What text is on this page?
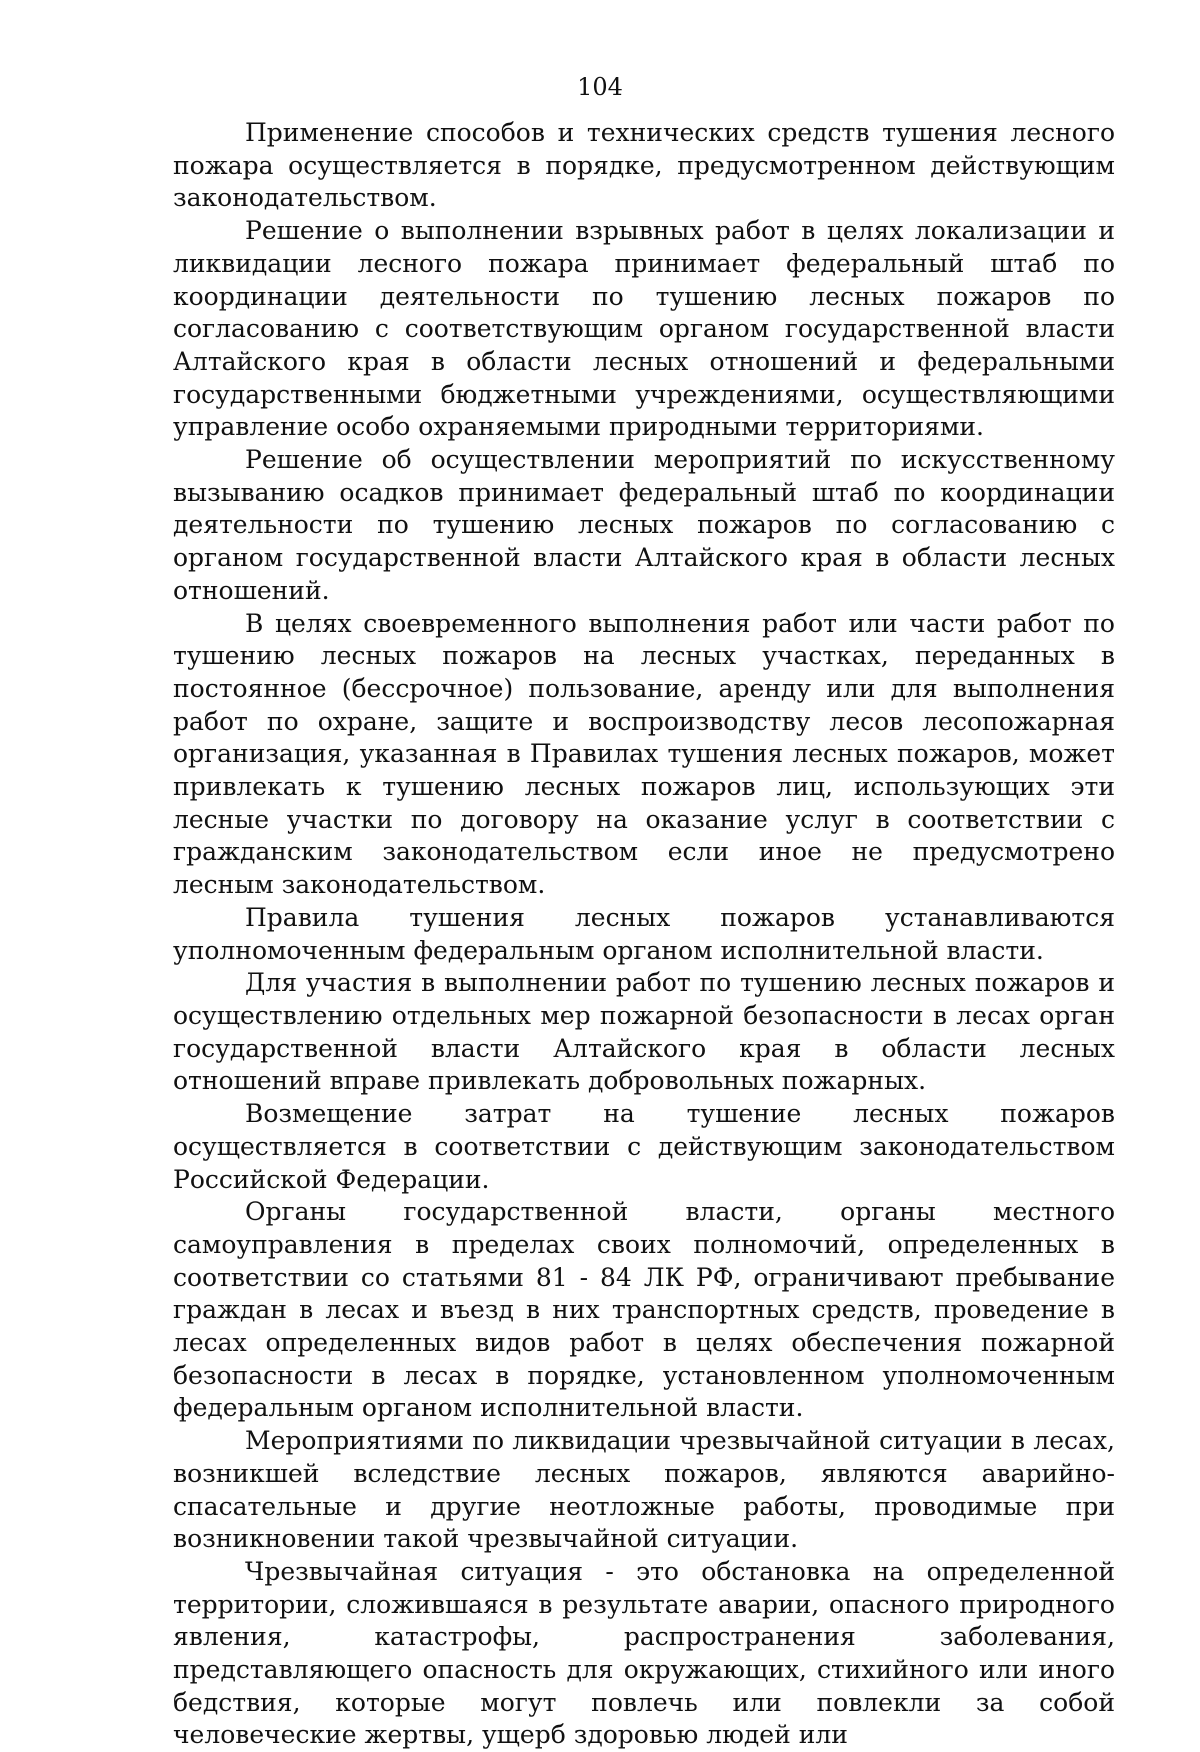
104

Применение способов и технических средств тушения лесного пожара осуществляется в порядке, предусмотренном действующим законодательством.

Решение о выполнении взрывных работ в целях локализации и ликвидации лесного пожара принимает федеральный штаб по координации деятельности по тушению лесных пожаров по согласованию с соответствующим органом государственной власти Алтайского края в области лесных отношений и федеральными государственными бюджетными учреждениями, осуществляющими управление особо охраняемыми природными территориями.

Решение об осуществлении мероприятий по искусственному вызыванию осадков принимает федеральный штаб по координации деятельности по тушению лесных пожаров по согласованию с органом государственной власти Алтайского края в области лесных отношений.

В целях своевременного выполнения работ или части работ по тушению лесных пожаров на лесных участках, переданных в постоянное (бессрочное) пользование, аренду или для выполнения работ по охране, защите и воспроизводству лесов лесопожарная организация, указанная в Правилах тушения лесных пожаров, может привлекать к тушению лесных пожаров лиц, использующих эти лесные участки по договору на оказание услуг в соответствии с гражданским законодательством если иное не предусмотрено лесным законодательством.

Правила тушения лесных пожаров устанавливаются уполномоченным федеральным органом исполнительной власти.

Для участия в выполнении работ по тушению лесных пожаров и осуществлению отдельных мер пожарной безопасности в лесах орган государственной власти Алтайского края в области лесных отношений вправе привлекать добровольных пожарных.

Возмещение затрат на тушение лесных пожаров осуществляется в соответствии с действующим законодательством Российской Федерации.

Органы государственной власти, органы местного самоуправления в пределах своих полномочий, определенных в соответствии со статьями 81 - 84 ЛК РФ, ограничивают пребывание граждан в лесах и въезд в них транспортных средств, проведение в лесах определенных видов работ в целях обеспечения пожарной безопасности в лесах в порядке, установленном уполномоченным федеральным органом исполнительной власти.

Мероприятиями по ликвидации чрезвычайной ситуации в лесах, возникшей вследствие лесных пожаров, являются аварийно-спасательные и другие неотложные работы, проводимые при возникновении такой чрезвычайной ситуации.

Чрезвычайная ситуация - это обстановка на определенной территории, сложившаяся в результате аварии, опасного природного явления, катастрофы, распространения заболевания, представляющего опасность для окружающих, стихийного или иного бедствия, которые могут повлечь или повлекли за собой человеческие жертвы, ущерб здоровью людей или
